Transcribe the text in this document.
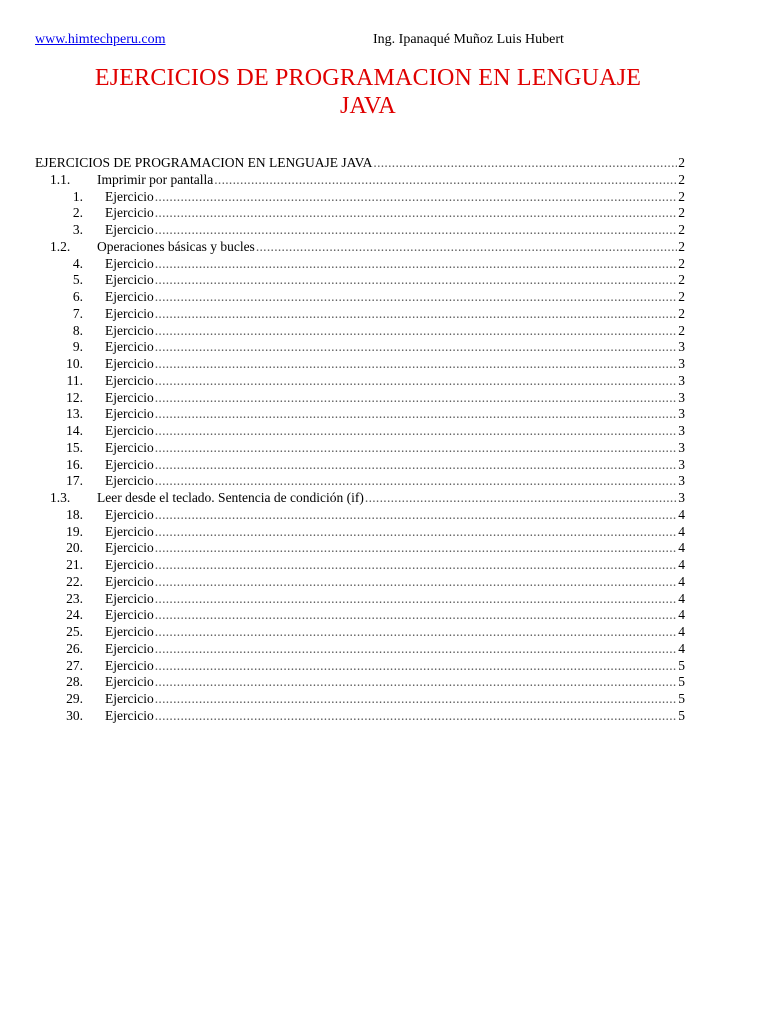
www.himtechperu.com	Ing. Ipanaqué Muñoz Luis Hubert
EJERCICIOS DE PROGRAMACION EN LENGUAJE
JAVA
EJERCICIOS DE PROGRAMACION EN LENGUAJE JAVA .....	2
1.1. Imprimir por pantalla .....	2
1. Ejercicio .....	2
2. Ejercicio .....	2
3. Ejercicio .....	2
1.2. Operaciones básicas y bucles .....	2
4. Ejercicio .....	2
5. Ejercicio .....	2
6. Ejercicio .....	2
7. Ejercicio .....	2
8. Ejercicio .....	2
9. Ejercicio .....	3
10. Ejercicio .....	3
11. Ejercicio .....	3
12. Ejercicio .....	3
13. Ejercicio .....	3
14. Ejercicio .....	3
15. Ejercicio .....	3
16. Ejercicio .....	3
17. Ejercicio .....	3
1.3. Leer desde el teclado. Sentencia de condición (if) .....	3
18. Ejercicio .....	4
19. Ejercicio .....	4
20. Ejercicio .....	4
21. Ejercicio .....	4
22. Ejercicio .....	4
23. Ejercicio .....	4
24. Ejercicio .....	4
25. Ejercicio .....	4
26. Ejercicio .....	4
27. Ejercicio .....	5
28. Ejercicio .....	5
29. Ejercicio .....	5
30. Ejercicio .....	5
